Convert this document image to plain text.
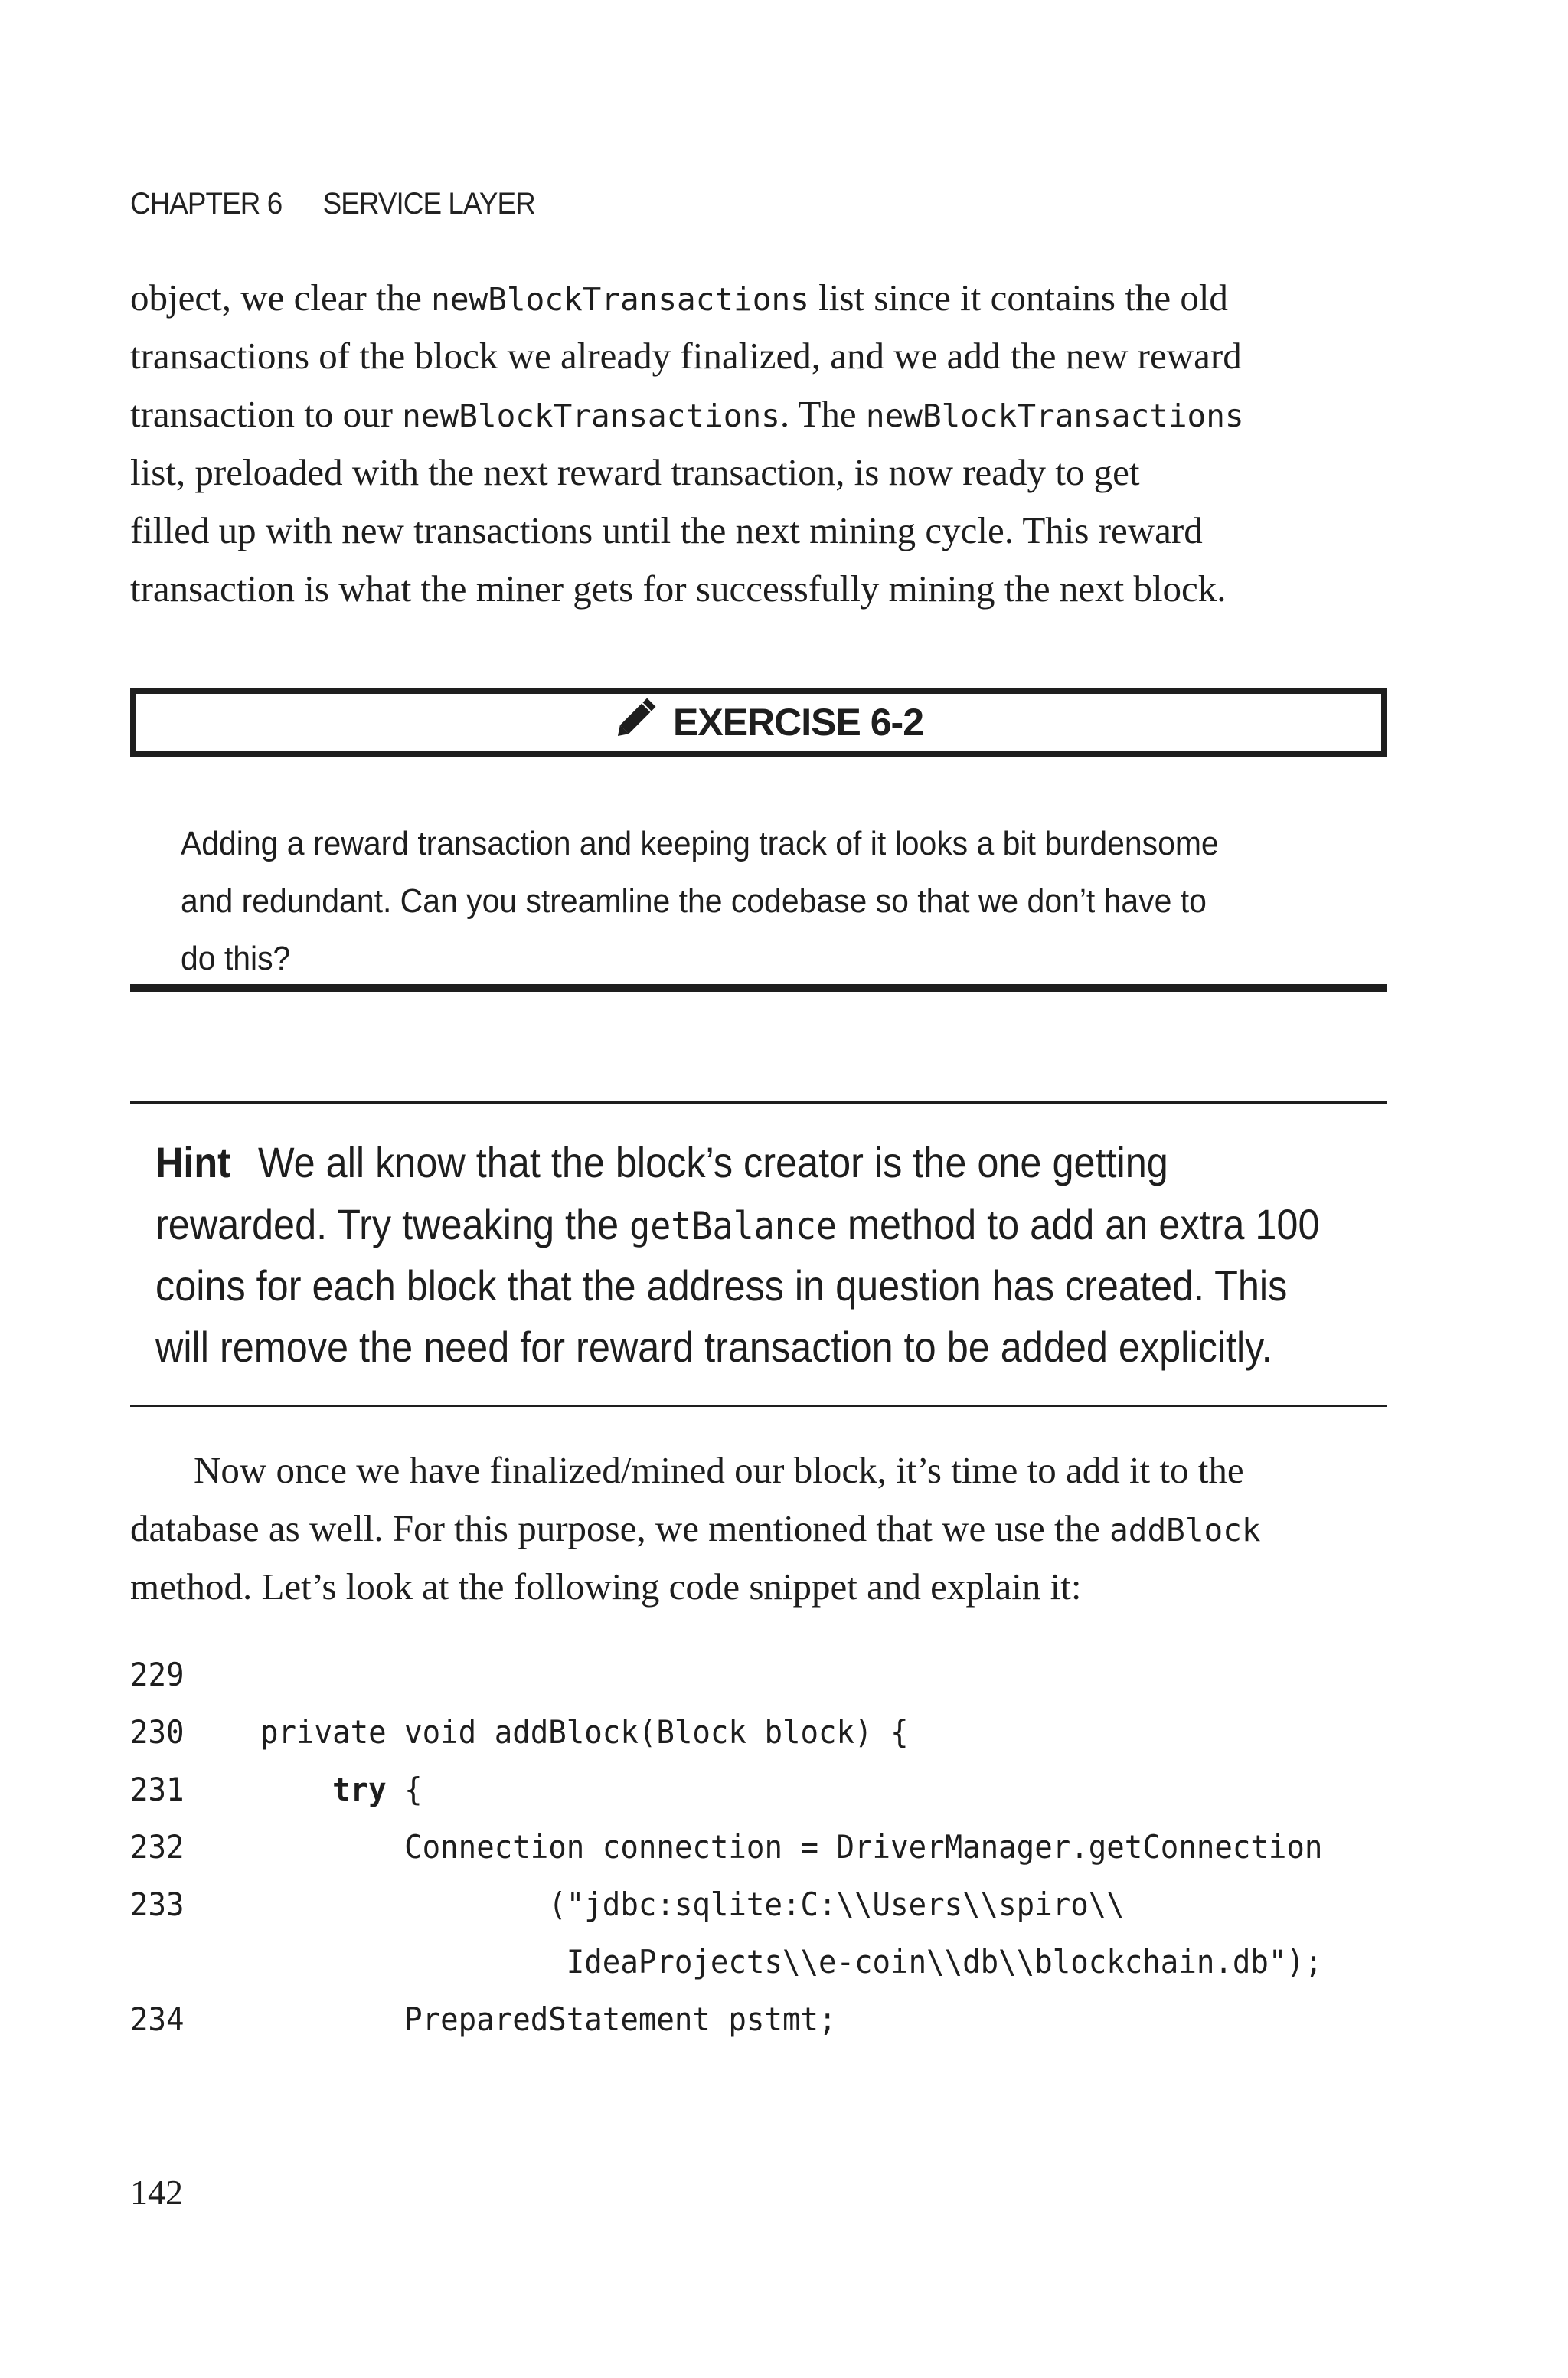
CHAPTER 6 SERVICE LAYER
object, we clear the newBlockTransactions list since it contains the old
transactions of the block we already finalized, and we add the new reward
transaction to our newBlockTransactions. The newBlockTransactions
list, preloaded with the next reward transaction, is now ready to get
filled up with new transactions until the next mining cycle. This reward
transaction is what the miner gets for successfully mining the next block.
EXERCISE 6-2
Adding a reward transaction and keeping track of it looks a bit burdensome
and redundant. Can you streamline the codebase so that we don’t have to
do this?
Hint We all know that the block’s creator is the one getting
rewarded. Try tweaking the getBalance method to add an extra 100
coins for each block that the address in question has created. This
will remove the need for reward transaction to be added explicitly.
Now once we have finalized/mined our block, it’s time to add it to the
database as well. For this purpose, we mentioned that we use the addBlock
method. Let’s look at the following code snippet and explain it:
229
230 private void addBlock(Block block) {
231	try {
232 Connection connection = DriverManager.getConnection
233 ("jdbc:sqlite:C:\\Users\\spiro\\
IdeaProjects\\e-coin\\db\\blockchain.db");
234 PreparedStatement pstmt;
142
